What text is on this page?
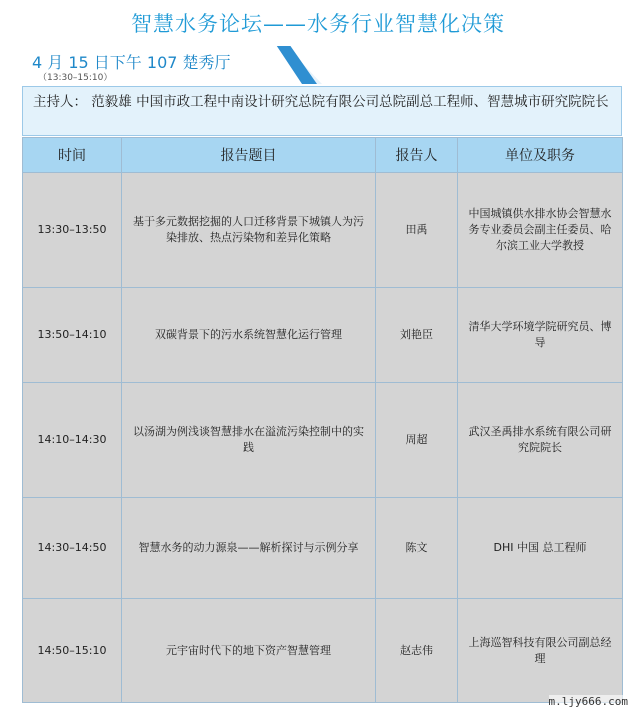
智慧水务论坛——水务行业智慧化决策
4 月 15 日下午 107 楚秀厅
（13:30–15:10）
主持人： 范毅雄 中国市政工程中南设计研究总院有限公司总院副总工程师、智慧城市研究院院长
时间	报告题目	报告人	单位及职务
13:30–13:50	基于多元数据挖掘的人口迁移背景下城镇人为污染排放、热点污染物和差异化策略	田禹	中国城镇供水排水协会智慧水务专业委员会副主任委员、哈尔滨工业大学教授
13:50–14:10	双碳背景下的污水系统智慧化运行管理	刘艳臣	清华大学环境学院研究员、博导
14:10–14:30	以汤湖为例浅谈智慧排水在溢流污染控制中的实践	周超	武汉圣禹排水系统有限公司研究院院长
14:30–14:50	智慧水务的动力源泉——解析探讨与示例分享	陈文	DHI 中国 总工程师
14:50–15:10	元宇宙时代下的地下资产智慧管理	赵志伟	上海巡智科技有限公司副总经理
m.ljy666.com
